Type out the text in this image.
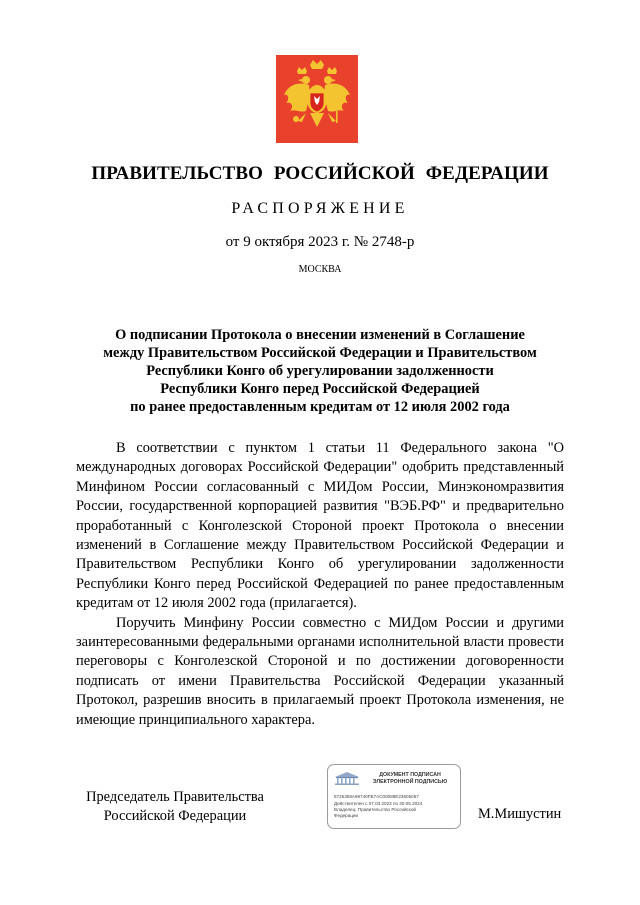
ПРАВИТЕЛЬСТВО РОССИЙСКОЙ ФЕДЕРАЦИИ
РАСПОРЯЖЕНИЕ
от 9 октября 2023 г. № 2748-р
МОСКВА
О подписании Протокола о внесении изменений в Соглашение
между Правительством Российской Федерации и Правительством
Республики Конго об урегулировании задолженности
Республики Конго перед Российской Федерацией
по ранее предоставленным кредитам от 12 июля 2002 года

В соответствии с пунктом 1 статьи 11 Федерального закона "О международных договорах Российской Федерации" одобрить представленный Минфином России согласованный с МИДом России, Минэкономразвития России, государственной корпорацией развития "ВЭБ.РФ" и предварительно проработанный с Конголезской Стороной проект Протокола о внесении изменений в Соглашение между Правительством Российской Федерации и Правительством Республики Конго об урегулировании задолженности Республики Конго перед Российской Федерацией по ранее предоставленным кредитам от 12 июля 2002 года (прилагается).

Поручить Минфину России совместно с МИДом России и другими заинтересованными федеральными органами исполнительной власти провести переговоры с Конголезской Стороной и по достижении договоренности подписать от имени Правительства Российской Федерации указанный Протокол, разрешив вносить в прилагаемый проект Протокола изменения, не имеющие принципиального характера.

Председатель Правительства
Российской Федерации
ДОКУМЕНТ ПОДПИСАН
ЭЛЕКТРОННОЙ ПОДПИСЬЮ
5725359A69740FB7AC00089E23605057
Действителен с 07.03.2023 по 30.05.2024
Владелец: Правительство Российской
Федерации	М.Мишустин
